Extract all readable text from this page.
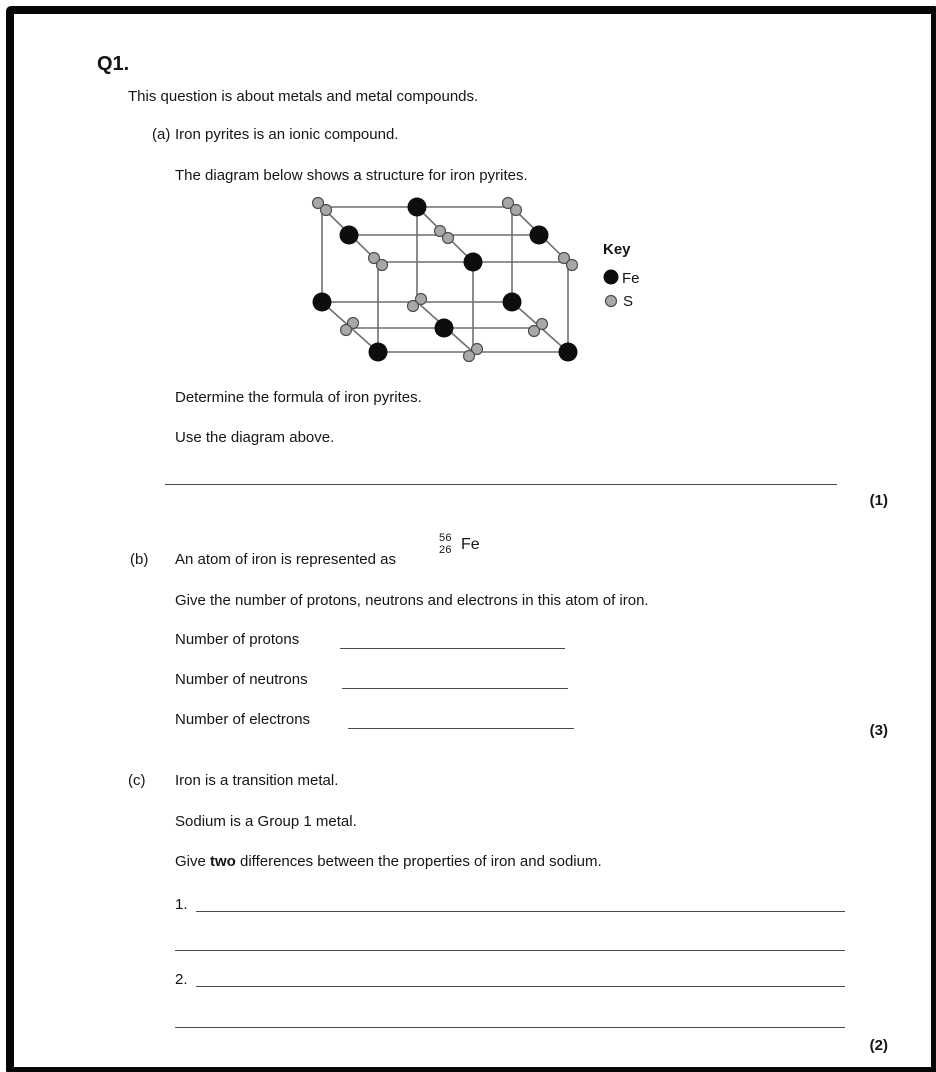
Q1.
This question is about metals and metal compounds.
(a) Iron pyrites is an ionic compound.
The diagram below shows a structure for iron pyrites.
Key
Fe
S
Determine the formula of iron pyrites.
Use the diagram above.
(1)
(b) An atom of iron is represented as
56
26 Fe
Give the number of protons, neutrons and electrons in this atom of iron.
Number of protons
Number of neutrons
Number of electrons
(3)
(c) Iron is a transition metal.
Sodium is a Group 1 metal.
Give two differences between the properties of iron and sodium.
1.
2.
(2)
